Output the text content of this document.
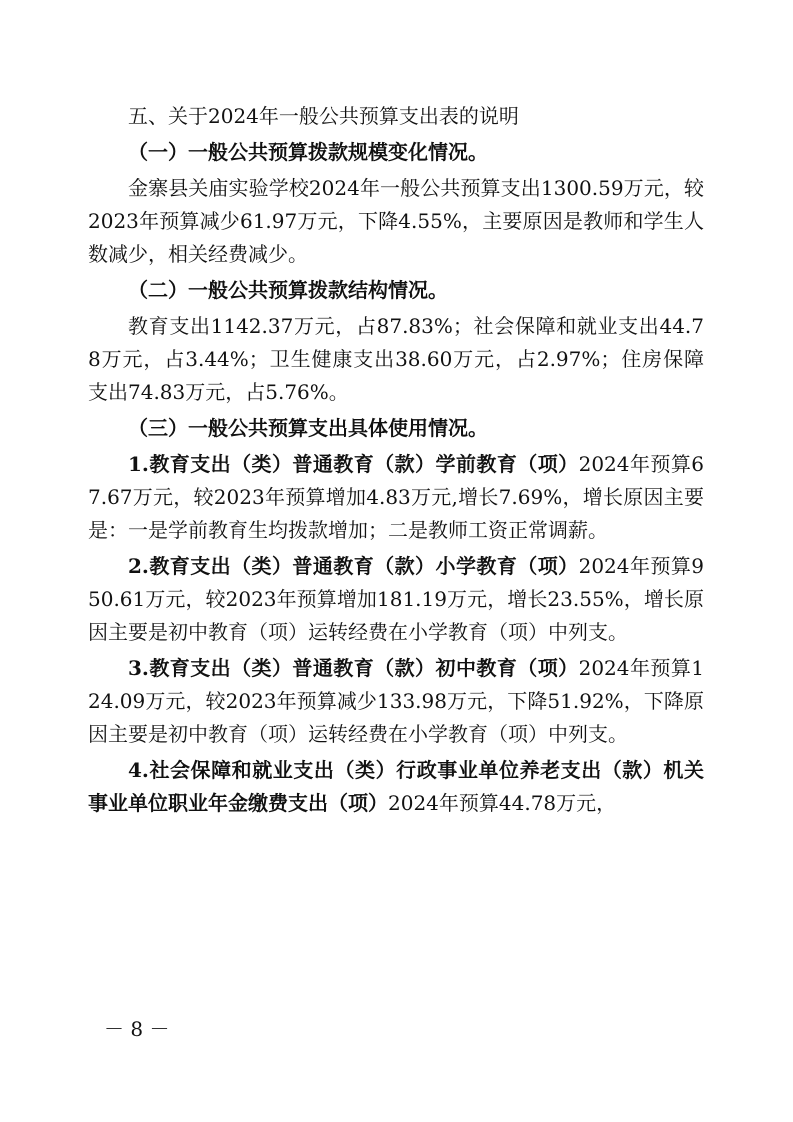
五、关于2024年一般公共预算支出表的说明

（一）一般公共预算拨款规模变化情况。

金寨县关庙实验学校2024年一般公共预算支出1300.59万元，较2023年预算减少61.97万元，下降4.55%，主要原因是教师和学生人数减少，相关经费减少。

（二）一般公共预算拨款结构情况。

教育支出1142.37万元，占87.83%；社会保障和就业支出44.78万元，占3.44%；卫生健康支出38.60万元，占2.97%；住房保障支出74.83万元，占5.76%。

（三）一般公共预算支出具体使用情况。

1.教育支出（类）普通教育（款）学前教育（项）2024年预算67.67万元，较2023年预算增加4.83万元,增长7.69%，增长原因主要是：一是学前教育生均拨款增加；二是教师工资正常调薪。

2.教育支出（类）普通教育（款）小学教育（项）2024年预算950.61万元，较2023年预算增加181.19万元，增长23.55%，增长原因主要是初中教育（项）运转经费在小学教育（项）中列支。

3.教育支出（类）普通教育（款）初中教育（项）2024年预算124.09万元，较2023年预算减少133.98万元，下降51.92%，下降原因主要是初中教育（项）运转经费在小学教育（项）中列支。

4.社会保障和就业支出（类）行政事业单位养老支出（款）机关事业单位职业年金缴费支出（项）2024年预算44.78万元，

－ 8 －
